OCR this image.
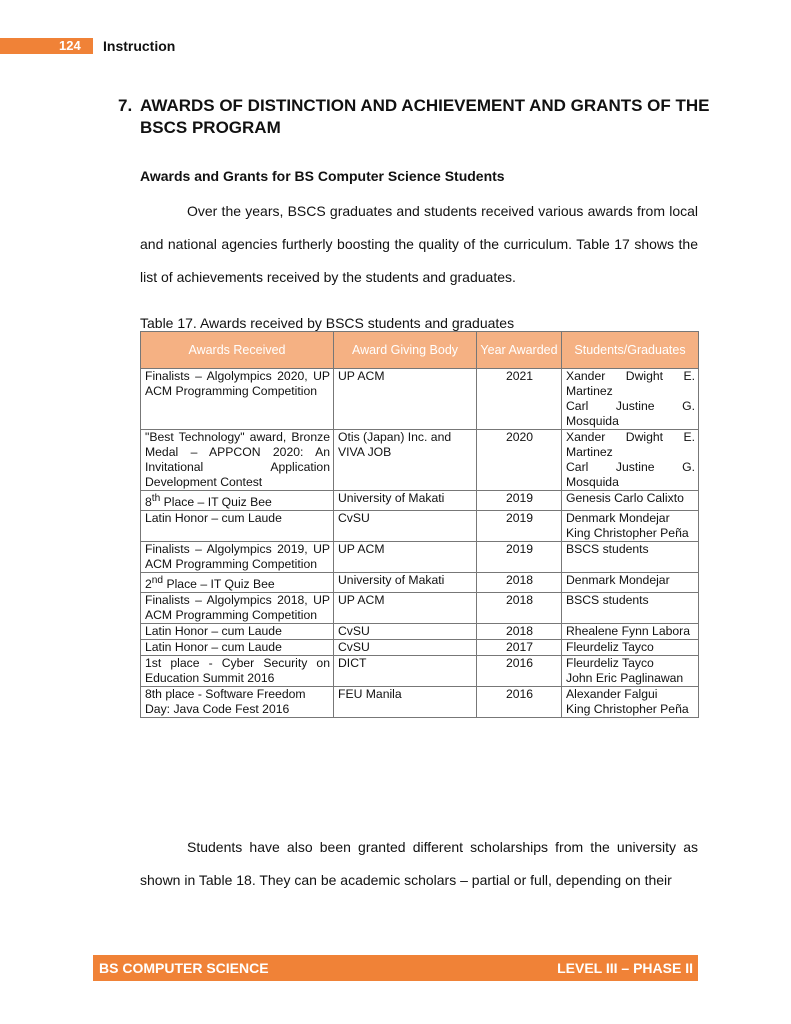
124 Instruction
7. AWARDS OF DISTINCTION AND ACHIEVEMENT AND GRANTS OF THE BSCS PROGRAM
Awards and Grants for BS Computer Science Students
Over the years, BSCS graduates and students received various awards from local and national agencies furtherly boosting the quality of the curriculum. Table 17 shows the list of achievements received by the students and graduates.
Table 17. Awards received by BSCS students and graduates
Awards Received	Award Giving Body	Year Awarded	Students/Graduates
Finalists – Algolympics 2020, UP ACM Programming Competition	UP ACM	2021	Xander Dwight E. Martinez
Carl Justine G. Mosquida

"Best Technology" award, Bronze Medal – APPCON 2020: An Invitational Application Development Contest	Otis (Japan) Inc. and VIVA JOB	2020	Xander Dwight E. Martinez
Carl Justine G. Mosquida

8th Place – IT Quiz Bee	University of Makati	2019	Genesis Carlo Calixto

Latin Honor – cum Laude	CvSU	2019	Denmark Mondejar
King Christopher Peña

Finalists – Algolympics 2019, UP ACM Programming Competition	UP ACM	2019	BSCS students

2nd Place – IT Quiz Bee	University of Makati	2018	Denmark Mondejar

Finalists – Algolympics 2018, UP ACM Programming Competition	UP ACM	2018	BSCS students

Latin Honor – cum Laude	CvSU	2018	Rhealene Fynn Labora

Latin Honor – cum Laude	CvSU	2017	Fleurdeliz Tayco

1st place - Cyber Security on Education Summit 2016	DICT	2016	Fleurdeliz Tayco
John Eric Paglinawan

8th place - Software Freedom Day: Java Code Fest 2016	FEU Manila	2016	Alexander Falgui
King Christopher Peña
Students have also been granted different scholarships from the university as shown in Table 18. They can be academic scholars – partial or full, depending on their
BS COMPUTER SCIENCE	LEVEL III – PHASE II
